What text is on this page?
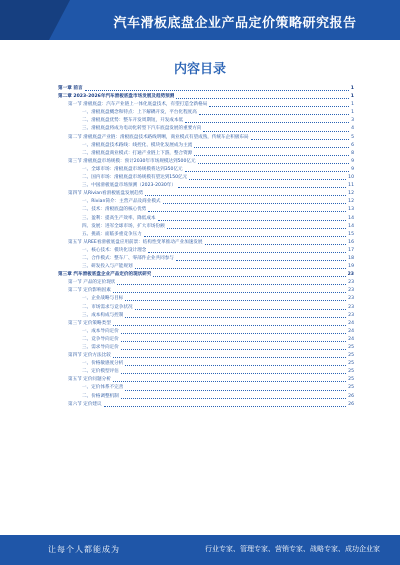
汽车滑板底盘企业产品定价策略研究报告
内容目录
第一章 前言	1
第二章 2023-2026年汽车滑板底盘市场发展及趋势预测	1
第一节 滑板底盘：汽车产业链上一体化底盘技术，有望打造全新格局	1
一、滑板底盘概念和特点：上下解耦开发，平台化程度高	1
二、滑板底盘优势：整车开发周期短，开发成本低	3
三、滑板底盘将成为电动化转型下汽车底盘发展的重要方向	4
第二节 滑板底盘产业链：滑板底盘技术路线明晰，商业模式有望成熟，传统车企积极布局	5
一、滑板底盘技术路线：线控化、模块化发展成为主流	6
二、滑板底盘商业模式：打通产业链上下游，整合资源	8
第三节 滑板底盘市场规模：预计2030年市场规模达到500亿元	9
一、全球市场：滑板底盘市场规模将达到350亿元	9
二、国内市场：滑板底盘市场规模有望达到150亿元	10
三、中国滑板底盘市场预测（2023-2030年）	11
第四节 从Rivian看滑板底盘发展趋势	12
一、Rivian简介：主营产品及商业模式	12
二、技术：滑板底盘的核心优势	13
三、盈利：提高生产效率，降低成本	14
四、发展：进军全球市场，扩大市场份额	14
五、挑战：面临多重竞争压力	15
第五节 从REE看滑板底盘应用前景：结构性变革推动产业加速发展	16
一、核心技术：模块化设计理念	17
二、合作模式：整车厂、零部件企业共同参与	18
三、研发投入与产能规划	19
第三章 汽车滑板底盘企业产品定价的现状研究	23
第一节 产品的定价现状	23
第二节 定价影响因素	23
一、企业战略与目标	23
二、市场需求与竞争状况	23
三、成本构成与控制	23
第三节 定价策略类型	24
一、成本导向定价	24
二、竞争导向定价	24
三、需求导向定价	25
第四节 定价方法比较	25
一、价格敏感度分析	25
二、定价模型评估	25
第五节 定价问题分析	25
一、定价体系不完善	25
二、价格调整机制	26
第六节 定价建议	26
让每个人都能成为	行业专家、管理专家、营销专家、战略专家、成功企业家
